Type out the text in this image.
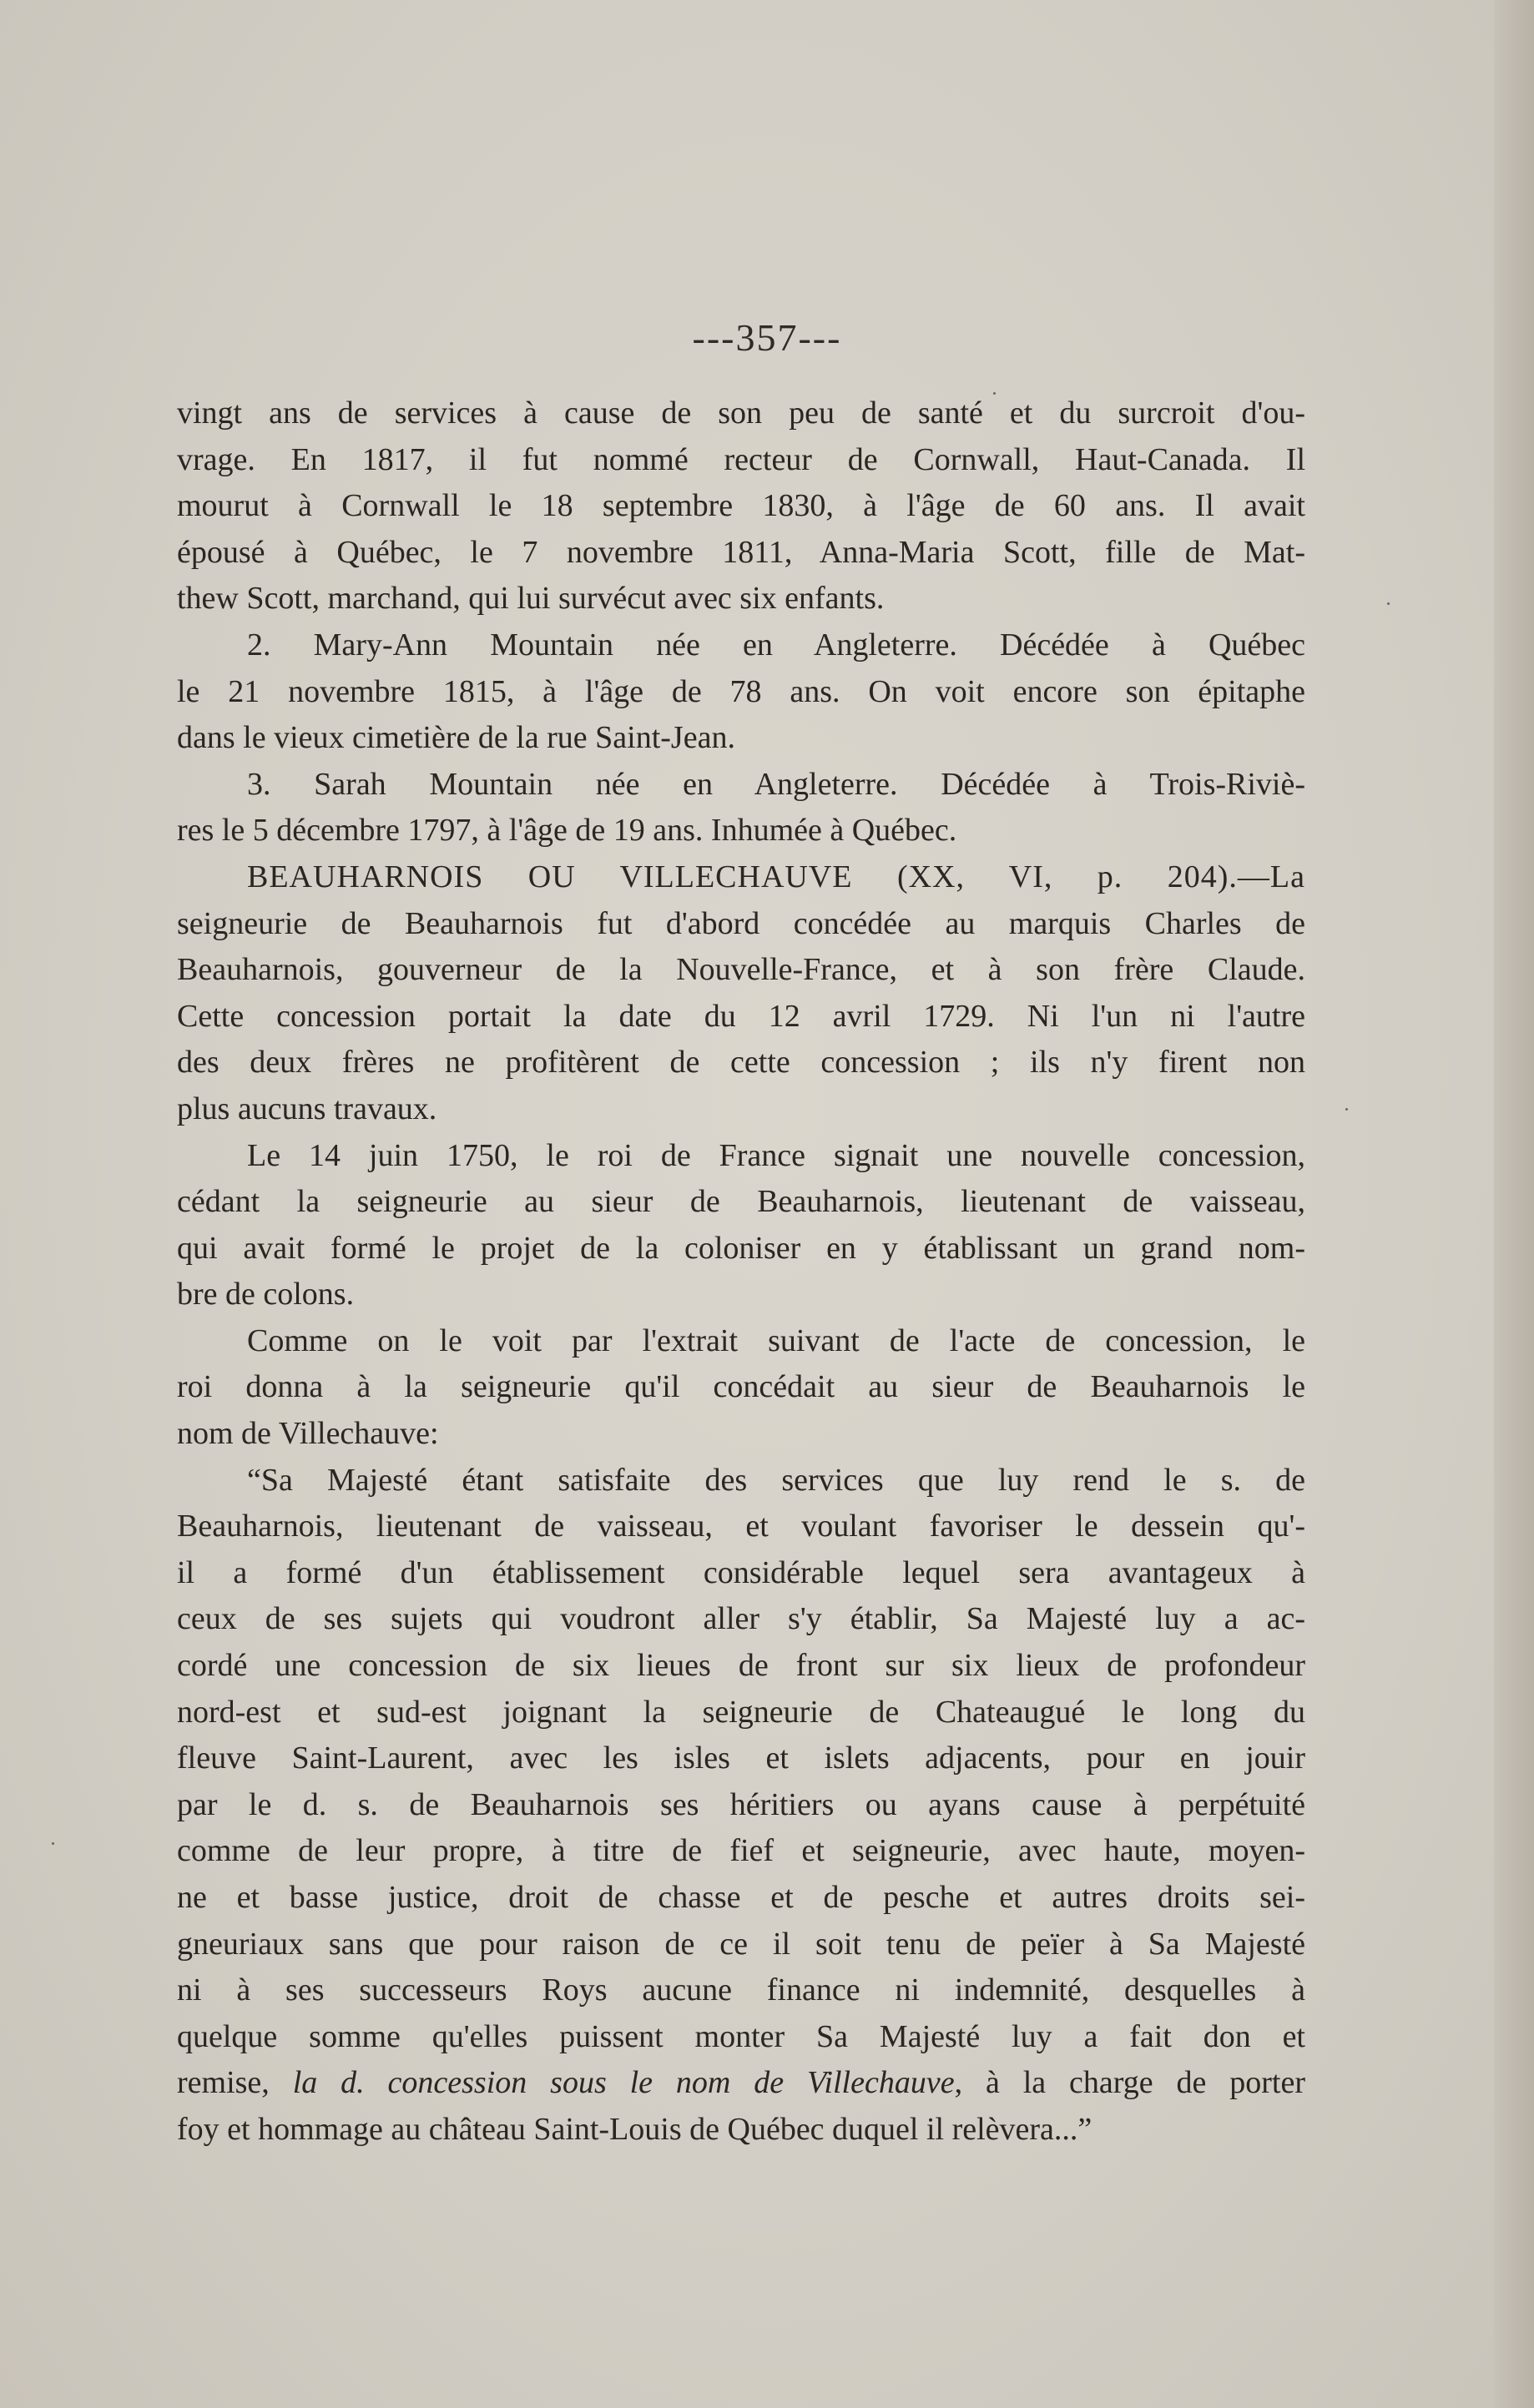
---357---
vingt ans de services à cause de son peu de santé et du surcroit d'ou-
vrage. En 1817, il fut nommé recteur de Cornwall, Haut-Canada. Il
mourut à Cornwall le 18 septembre 1830, à l'âge de 60 ans. Il avait
épousé à Québec, le 7 novembre 1811, Anna-Maria Scott, fille de Mat-
thew Scott, marchand, qui lui survécut avec six enfants.
2. Mary-Ann Mountain née en Angleterre. Décédée à Québec
le 21 novembre 1815, à l'âge de 78 ans. On voit encore son épitaphe
dans le vieux cimetière de la rue Saint-Jean.
3. Sarah Mountain née en Angleterre. Décédée à Trois-Riviè-
res le 5 décembre 1797, à l'âge de 19 ans. Inhumée à Québec.
BEAUHARNOIS OU VILLECHAUVE (XX, VI, p. 204).—La
seigneurie de Beauharnois fut d'abord concédée au marquis Charles de
Beauharnois, gouverneur de la Nouvelle-France, et à son frère Claude.
Cette concession portait la date du 12 avril 1729. Ni l'un ni l'autre
des deux frères ne profitèrent de cette concession ; ils n'y firent non
plus aucuns travaux.
Le 14 juin 1750, le roi de France signait une nouvelle concession,
cédant la seigneurie au sieur de Beauharnois, lieutenant de vaisseau,
qui avait formé le projet de la coloniser en y établissant un grand nom-
bre de colons.
Comme on le voit par l'extrait suivant de l'acte de concession, le
roi donna à la seigneurie qu'il concédait au sieur de Beauharnois le
nom de Villechauve:
“Sa Majesté étant satisfaite des services que luy rend le s. de
Beauharnois, lieutenant de vaisseau, et voulant favoriser le dessein qu'-
il a formé d'un établissement considérable lequel sera avantageux à
ceux de ses sujets qui voudront aller s'y établir, Sa Majesté luy a ac-
cordé une concession de six lieues de front sur six lieux de profondeur
nord-est et sud-est joignant la seigneurie de Chateaugué le long du
fleuve Saint-Laurent, avec les isles et islets adjacents, pour en jouir
par le d. s. de Beauharnois ses héritiers ou ayans cause à perpétuité
comme de leur propre, à titre de fief et seigneurie, avec haute, moyen-
ne et basse justice, droit de chasse et de pesche et autres droits sei-
gneuriaux sans que pour raison de ce il soit tenu de peïer à Sa Majesté
ni à ses successeurs Roys aucune finance ni indemnité, desquelles à
quelque somme qu'elles puissent monter Sa Majesté luy a fait don et
remise, la d. concession sous le nom de Villechauve, à la charge de porter
foy et hommage au château Saint-Louis de Québec duquel il relèvera...”
